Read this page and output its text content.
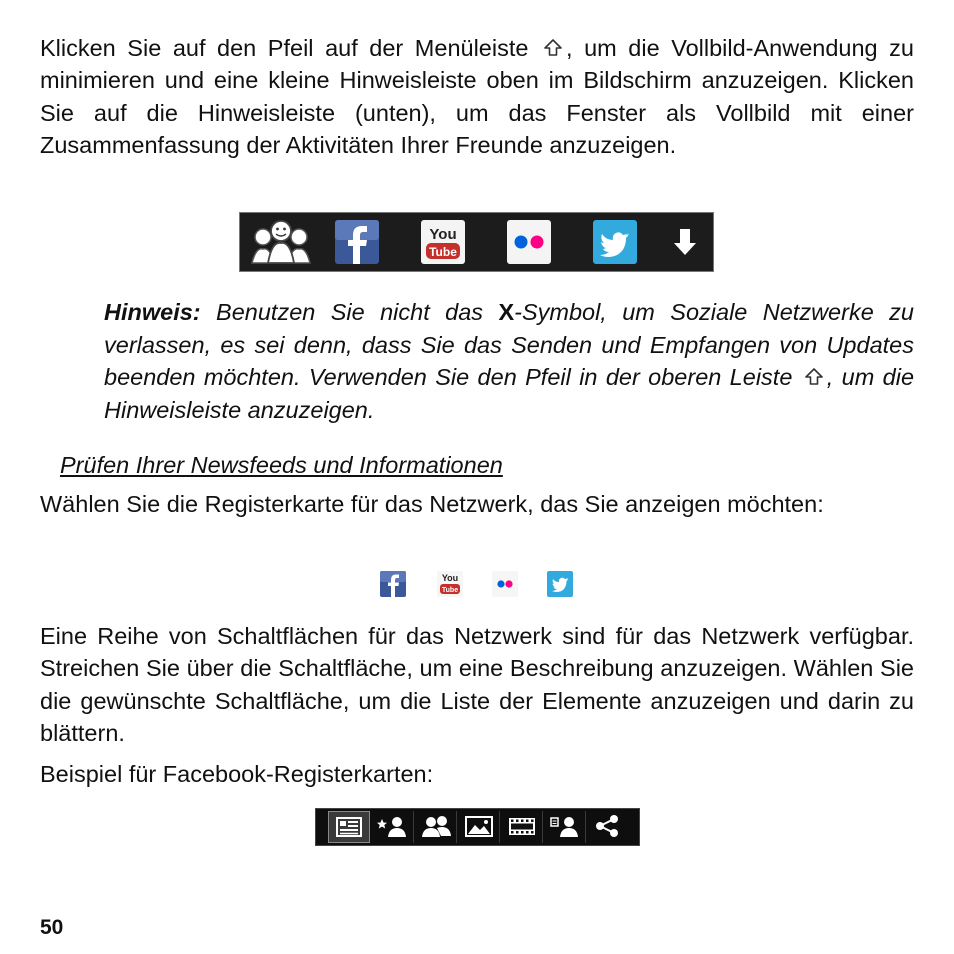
Klicken Sie auf den Pfeil auf der Menüleiste , um die Vollbild-Anwendung zu minimieren und eine kleine Hinweisleiste oben im Bildschirm anzuzeigen. Klicken Sie auf die Hinweisleiste (unten), um das Fenster als Vollbild mit einer Zusammenfassung der Aktivitäten Ihrer Freunde anzuzeigen.

You
Tube

Hinweis: Benutzen Sie nicht das X-Symbol, um Soziale Netzwerke zu verlassen, es sei denn, dass Sie das Senden und Empfangen von Updates beenden möchten. Verwenden Sie den Pfeil in der oberen Leiste , um die Hinweisleiste anzuzeigen.

Prüfen Ihrer Newsfeeds und Informationen

Wählen Sie die Registerkarte für das Netzwerk, das Sie anzeigen möchten:

You
Tube

Eine Reihe von Schaltflächen für das Netzwerk sind für das Netzwerk verfügbar. Streichen Sie über die Schaltfläche, um eine Beschreibung anzuzeigen. Wählen Sie die gewünschte Schaltfläche, um die Liste der Elemente anzuzeigen und darin zu blättern.

Beispiel für Facebook-Registerkarten:

50
